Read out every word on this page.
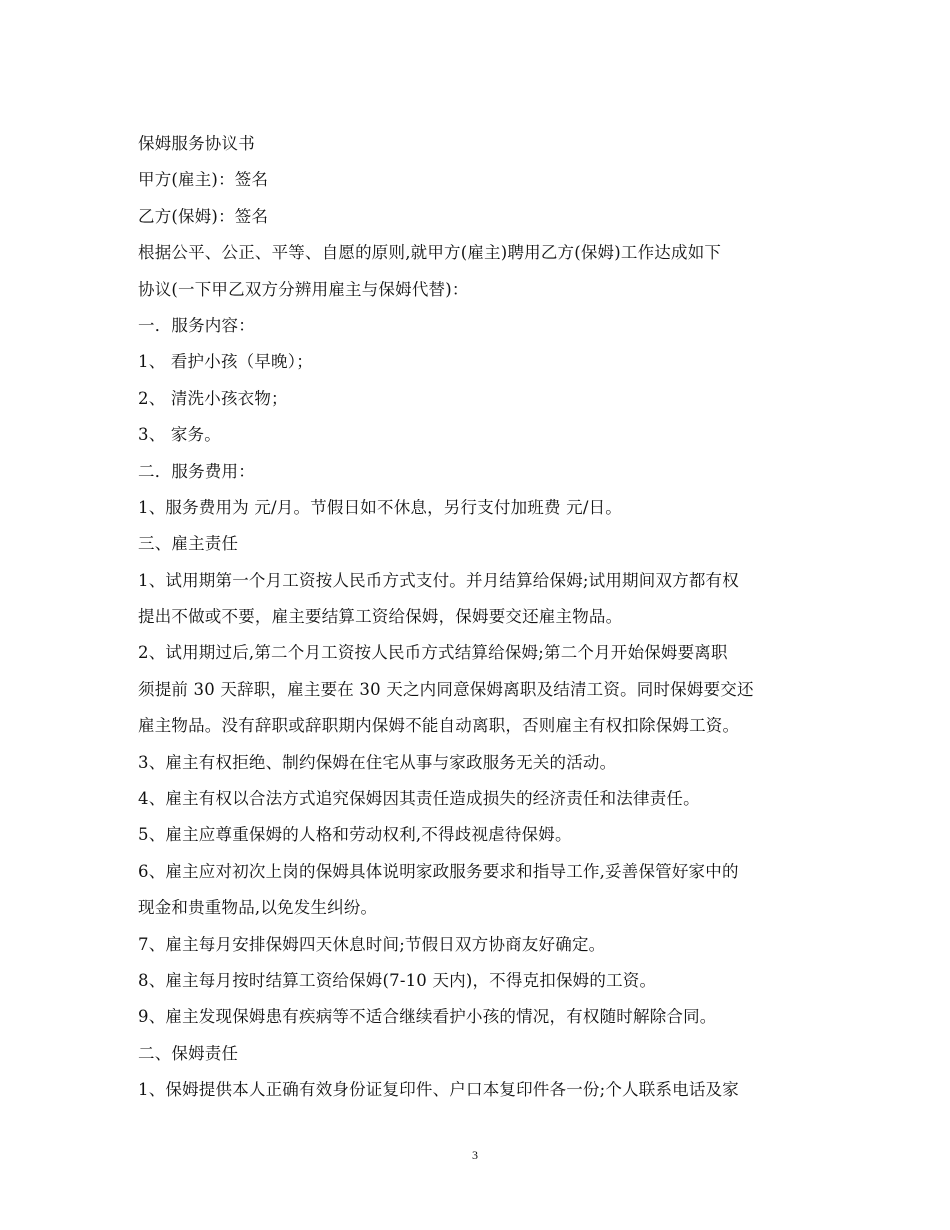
保姆服务协议书
甲方(雇主)：签名
乙方(保姆)：签名
根据公平、公正、平等、自愿的原则,就甲方(雇主)聘用乙方(保姆)工作达成如下
协议(一下甲乙双方分辨用雇主与保姆代替)：
一．服务内容：
1、 看护小孩（早晚）；
2、 清洗小孩衣物；
3、 家务。
二．服务费用：
1、服务费用为 元/月。节假日如不休息，另行支付加班费 元/日。
三、雇主责任
1、试用期第一个月工资按人民币方式支付。并月结算给保姆;试用期间双方都有权
提出不做或不要，雇主要结算工资给保姆，保姆要交还雇主物品。
2、试用期过后,第二个月工资按人民币方式结算给保姆;第二个月开始保姆要离职
须提前 30 天辞职，雇主要在 30 天之内同意保姆离职及结清工资。同时保姆要交还
雇主物品。没有辞职或辞职期内保姆不能自动离职，否则雇主有权扣除保姆工资。
3、雇主有权拒绝、制约保姆在住宅从事与家政服务无关的活动。
4、雇主有权以合法方式追究保姆因其责任造成损失的经济责任和法律责任。
5、雇主应尊重保姆的人格和劳动权利,不得歧视虐待保姆。
6、雇主应对初次上岗的保姆具体说明家政服务要求和指导工作,妥善保管好家中的
现金和贵重物品,以免发生纠纷。
7、雇主每月安排保姆四天休息时间;节假日双方协商友好确定。
8、雇主每月按时结算工资给保姆(7-10 天内)，不得克扣保姆的工资。
9、雇主发现保姆患有疾病等不适合继续看护小孩的情况，有权随时解除合同。
二、保姆责任
1、保姆提供本人正确有效身份证复印件、户口本复印件各一份;个人联系电话及家
3
